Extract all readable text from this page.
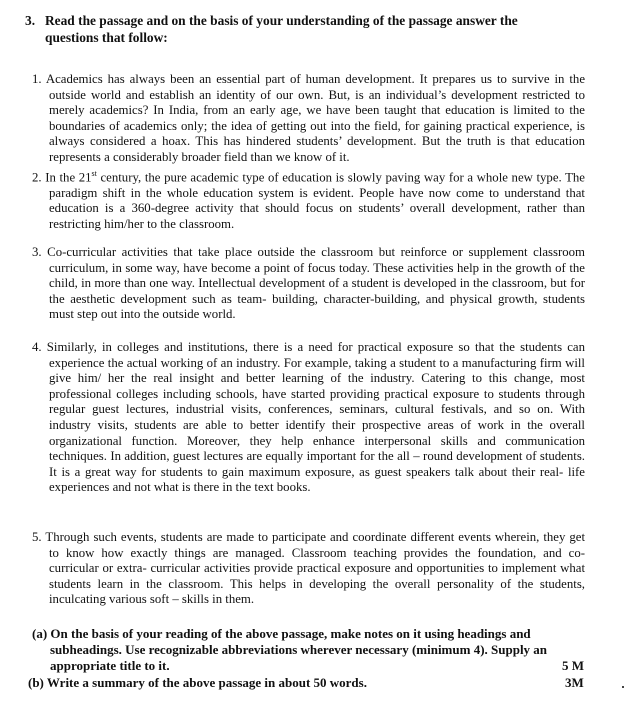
3. Read the passage and on the basis of your understanding of the passage answer the
questions that follow:

1. Academics has always been an essential part of human development. It prepares us to survive in the outside world and establish an identity of our own. But, is an individual’s development restricted to merely academics? In India, from an early age, we have been taught that education is limited to the boundaries of academics only; the idea of getting out into the field, for gaining practical experience, is always considered a hoax. This has hindered students’ development. But the truth is that education represents a considerably broader field than we know of it.

2. In the 21st century, the pure academic type of education is slowly paving way for a whole new type. The paradigm shift in the whole education system is evident. People have now come to understand that education is a 360-degree activity that should focus on students’ overall development, rather than restricting him/her to the classroom.

3. Co-curricular activities that take place outside the classroom but reinforce or supplement classroom curriculum, in some way, have become a point of focus today. These activities help in the growth of the child, in more than one way. Intellectual development of a student is developed in the classroom, but for the aesthetic development such as team- building, character-building, and physical growth, students must step out into the outside world.

4. Similarly, in colleges and institutions, there is a need for practical exposure so that the students can experience the actual working of an industry. For example, taking a student to a manufacturing firm will give him/ her the real insight and better learning of the industry. Catering to this change, most professional colleges including schools, have started providing practical exposure to students through regular guest lectures, industrial visits, conferences, seminars, cultural festivals, and so on. With industry visits, students are able to better identify their prospective areas of work in the overall organizational function. Moreover, they help enhance interpersonal skills and communication techniques. In addition, guest lectures are equally important for the all – round development of students. It is a great way for students to gain maximum exposure, as guest speakers talk about their real- life experiences and not what is there in the text books.

5. Through such events, students are made to participate and coordinate different events wherein, they get to know how exactly things are managed. Classroom teaching provides the foundation, and co-curricular or extra- curricular activities provide practical exposure and opportunities to implement what students learn in the classroom. This helps in developing the overall personality of the students, inculcating various soft – skills in them.

(a) On the basis of your reading of the above passage, make notes on it using headings and subheadings. Use recognizable abbreviations wherever necessary (minimum 4). Supply an appropriate title to it.	5 M

(b) Write a summary of the above passage in about 50 words.	3M
